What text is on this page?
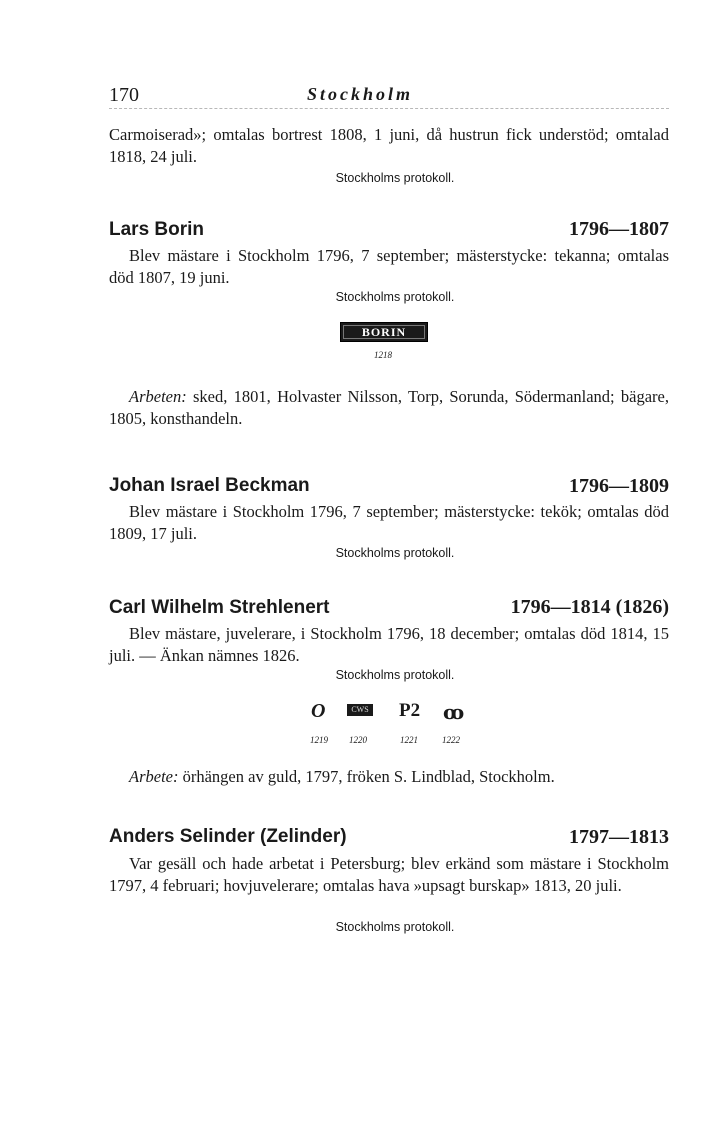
170	Stockholm

Carmoiserad»; omtalas bortrest 1808, 1 juni, då hustrun fick understöd; omtalad 1818, 24 juli.

Stockholms protokoll.
Lars Borin	1796—1807
Blev mästare i Stockholm 1796, 7 september; mästerstycke: tekanna; omtalas död 1807, 19 juni.
Stockholms protokoll.
BORIN
1218
Arbeten: sked, 1801, Holvaster Nilsson, Torp, Sorunda, Södermanland; bägare, 1805, konsthandeln.
Johan Israel Beckman	1796—1809
Blev mästare i Stockholm 1796, 7 september; mästerstycke: tekök; omtalas död 1809, 17 juli.
Stockholms protokoll.
Carl Wilhelm Strehlenert	1796—1814 (1826)
Blev mästare, juvelerare, i Stockholm 1796, 18 december; omtalas död 1814, 15 juli. — Änkan nämnes 1826.
Stockholms protokoll.
O	CWS P2 ꝏ
1219 1220	1221	1222
Arbete: örhängen av guld, 1797, fröken S. Lindblad, Stockholm.
Anders Selinder (Zelinder)	1797—1813
Var gesäll och hade arbetat i Petersburg; blev erkänd som mästare i Stockholm 1797, 4 februari; hovjuvelerare; omtalas hava »upsagt burskap» 1813, 20 juli.
Stockholms protokoll.
